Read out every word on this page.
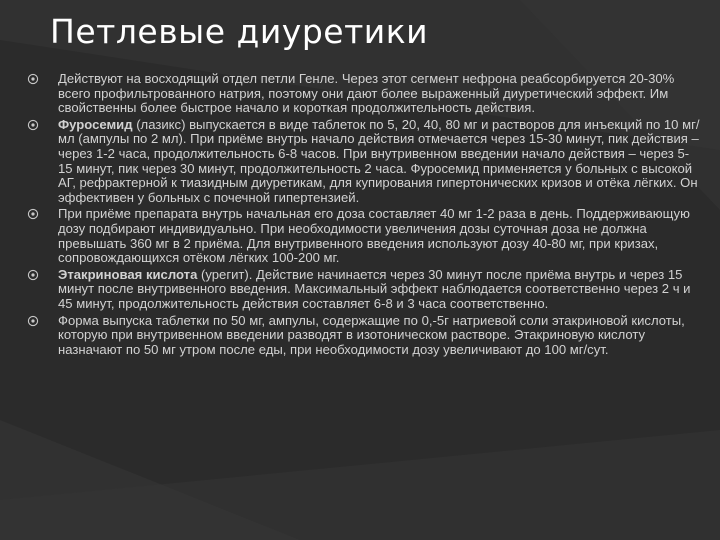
Петлевые диуретики
Действуют на восходящий отдел петли Генле. Через этот сегмент нефрона реабсорбируется 20-30% всего профильтрованного натрия, поэтому они дают более выраженный диуретический эффект. Им свойственны более быстрое начало и короткая продолжительность действия.
Фуросемид (лазикс) выпускается в виде таблеток по 5, 20, 40, 80 мг и растворов для инъекций по 10 мг/мл (ампулы по 2 мл). При приёме внутрь начало действия отмечается через 15-30 минут, пик действия – через 1-2 часа, продолжительность 6-8 часов. При внутривенном введении начало действия – через 5-15 минут, пик через 30 минут, продолжительность 2 часа. Фуросемид применяется у больных с высокой АГ, рефрактерной к тиазидным диуретикам, для купирования гипертонических кризов и отёка лёгких. Он эффективен у больных с почечной гипертензией.
При приёме препарата внутрь начальная его доза составляет 40 мг 1-2 раза в день. Поддерживающую дозу подбирают индивидуально. При необходимости увеличения дозы суточная доза не должна превышать 360 мг в 2 приёма. Для внутривенного введения используют дозу 40-80 мг, при кризах, сопровождающихся отёком лёгких 100-200 мг.
Этакриновая кислота (урегит). Действие начинается через 30 минут после приёма внутрь и через 15 минут после внутривенного введения. Максимальный эффект наблюдается соответственно через 2 ч и 45 минут, продолжительность действия составляет 6-8 и 3 часа соответственно.
Форма выпуска таблетки по 50 мг, ампулы, содержащие по 0,-5г натриевой соли этакриновой кислоты, которую при внутривенном введении разводят в изотоническом растворе. Этакриновую кислоту назначают по 50 мг утром после еды, при необходимости дозу увеличивают до 100 мг/сут.
